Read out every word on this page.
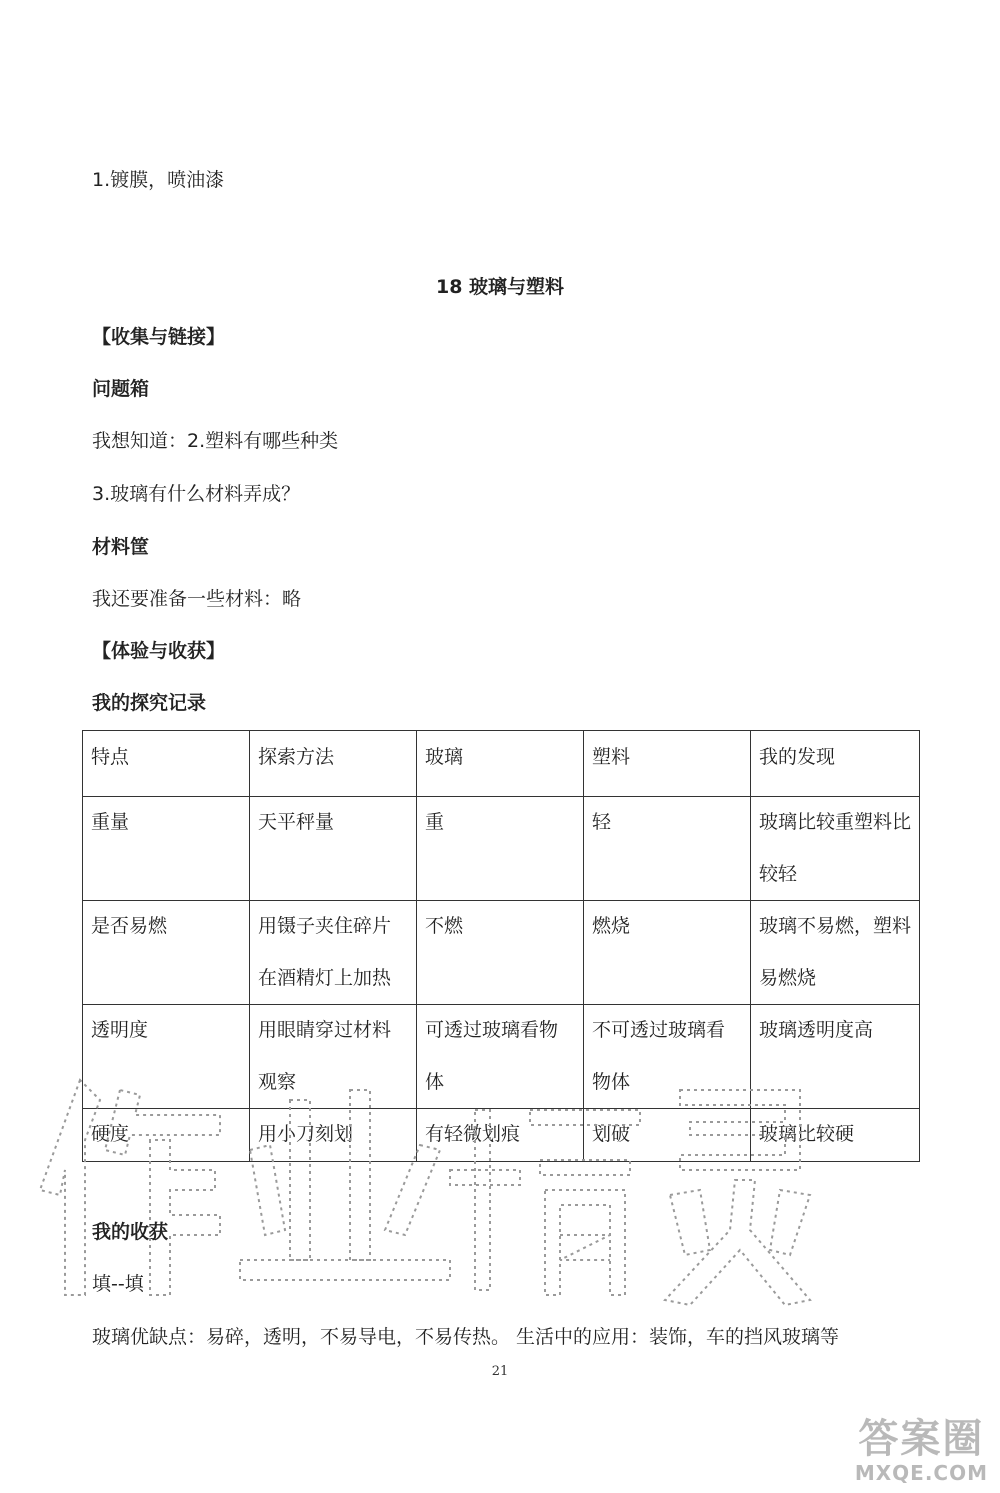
1.镀膜，喷油漆
18 玻璃与塑料
【收集与链接】
问题箱
我想知道：2.塑料有哪些种类
3.玻璃有什么材料弄成？
材料筐
我还要准备一些材料：略
【体验与收获】
我的探究记录
特点	探索方法	玻璃	塑料	我的发现

重量	天平秤量	重	轻	玻璃比较重塑料比较轻

是否易燃	用镊子夹住碎片在酒精灯上加热	不燃	燃烧	玻璃不易燃，塑料易燃烧

透明度	用眼睛穿过材料观察	可透过玻璃看物体	不可透过玻璃看物体	玻璃透明度高

硬度	用小刀刻划	有轻微划痕	划破	玻璃比较硬
我的收获
填--填
玻璃优缺点：易碎，透明，不易导电，不易传热。 生活中的应用：装饰，车的挡风玻璃等
21
答案圈
MXQE.COM
